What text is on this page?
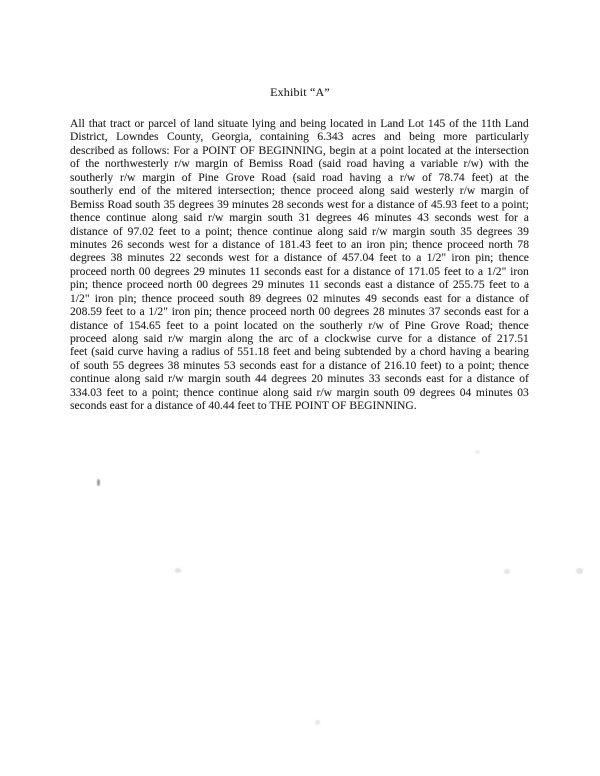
Exhibit “A”
All that tract or parcel of land situate lying and being located in Land Lot 145 of the 11th Land
District, Lowndes County, Georgia, containing 6.343 acres and being more particularly
described as follows: For a POINT OF BEGINNING, begin at a point located at the intersection
of the northwesterly r/w margin of Bemiss Road (said road having a variable r/w) with the
southerly r/w margin of Pine Grove Road (said road having a r/w of 78.74 feet) at the
southerly end of the mitered intersection; thence proceed along said westerly r/w margin of
Bemiss Road south 35 degrees 39 minutes 28 seconds west for a distance of 45.93 feet to a point;
thence continue along said r/w margin south 31 degrees 46 minutes 43 seconds west for a
distance of 97.02 feet to a point; thence continue along said r/w margin south 35 degrees 39
minutes 26 seconds west for a distance of 181.43 feet to an iron pin; thence proceed north 78
degrees 38 minutes 22 seconds west for a distance of 457.04 feet to a 1/2" iron pin; thence
proceed north 00 degrees 29 minutes 11 seconds east for a distance of 171.05 feet to a 1/2" iron
pin; thence proceed north 00 degrees 29 minutes 11 seconds east a distance of 255.75 feet to a
1/2" iron pin; thence proceed south 89 degrees 02 minutes 49 seconds east for a distance of
208.59 feet to a 1/2" iron pin; thence proceed north 00 degrees 28 minutes 37 seconds east for a
distance of 154.65 feet to a point located on the southerly r/w of Pine Grove Road; thence
proceed along said r/w margin along the arc of a clockwise curve for a distance of 217.51
feet (said curve having a radius of 551.18 feet and being subtended by a chord having a bearing
of south 55 degrees 38 minutes 53 seconds east for a distance of 216.10 feet) to a point; thence
continue along said r/w margin south 44 degrees 20 minutes 33 seconds east for a distance of
334.03 feet to a point; thence continue along said r/w margin south 09 degrees 04 minutes 03
seconds east for a distance of 40.44 feet to THE POINT OF BEGINNING.
